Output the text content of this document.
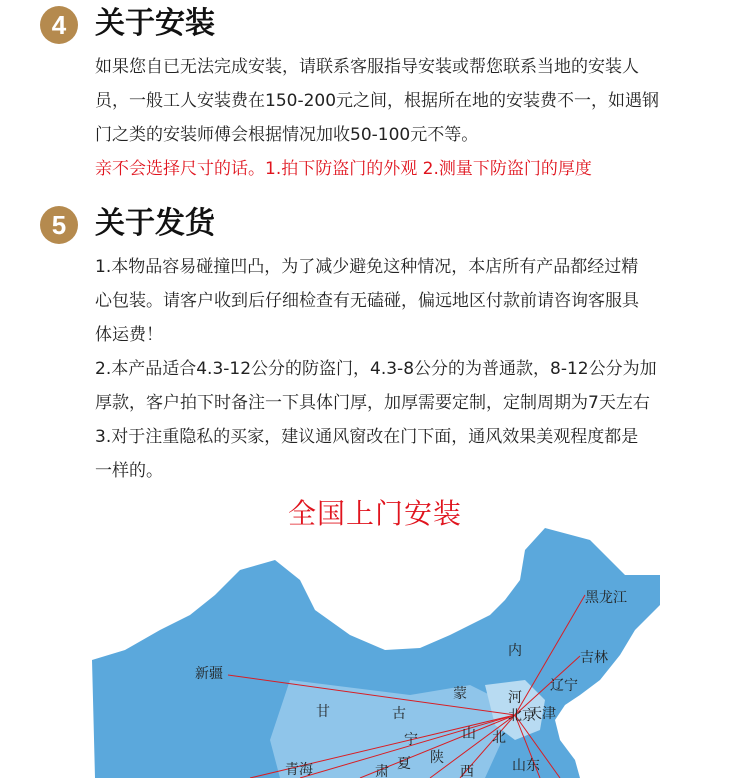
4 关于安装

如果您自已无法完成安装，请联系客服指导安装或帮您联系当地的安装人

员，一般工人安装费在150-200元之间，根据所在地的安装费不一，如遇钢

门之类的安装师傅会根据情况加收50-100元不等。

亲不会选择尺寸的话。1.拍下防盗门的外观 2.测量下防盗门的厚度

5 关于发货

1.本物品容易碰撞凹凸，为了减少避免这种情况，本店所有产品都经过精

心包装。请客户收到后仔细检查有无磕碰，偏远地区付款前请咨询客服具

体运费！

2.本产品适合4.3-12公分的防盗门，4.3-8公分的为普通款，8-12公分为加

厚款，客户拍下时备注一下具体门厚，加厚需要定制，定制周期为7天左右

3.对于注重隐私的买家，建议通风窗改在门下面，通风效果美观程度都是

一样的。

全国上门安装
黑龙江
吉林
辽宁
内
新疆
蒙	河
北京
天津
甘	古
山 北
宁
陕
西
青海	肃 夏	山东
